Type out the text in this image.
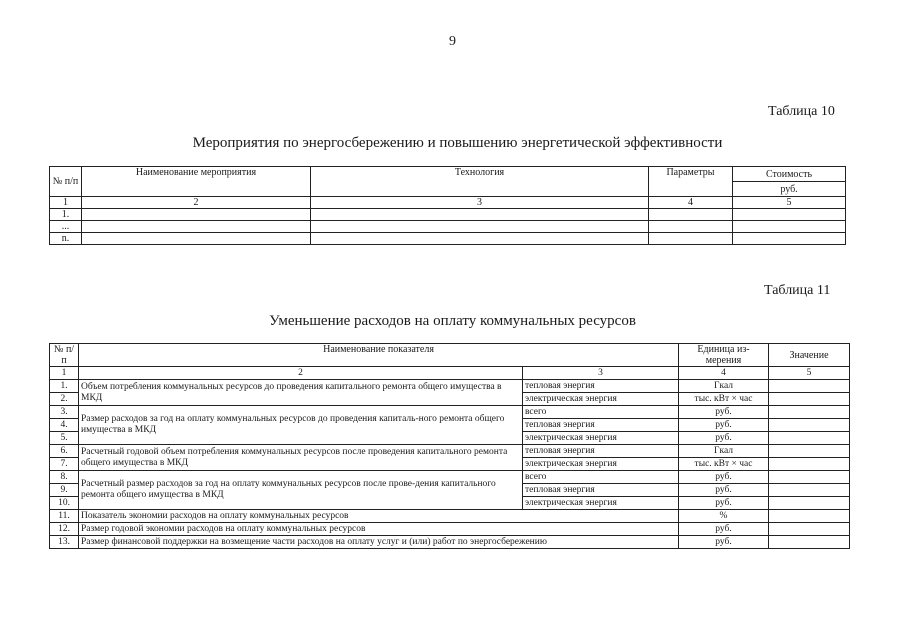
9
Таблица 10
Мероприятия по энергосбережению и повышению энергетической эффективности
№ п/п	Наименование мероприятия	Технология	Параметры	Стоимость
				руб.
1	2	3	4	5
1.				
...				
n.				
Таблица 11
Уменьшение расходов на оплату коммунальных ресурсов
№ п/п	Наименование показателя		Единица из-мерения	Значение

1	2	3	4	5
1.	Объем потребления коммунальных ресурсов до проведения капитального ремонта общего имущества в МКД	тепловая энергия	Гкал	
2.		электрическая энергия	тыс. кВт × час	
3.	Размер расходов за год на оплату коммунальных ресурсов до проведения капиталь-ного ремонта общего имущества в МКД	всего	руб.	
4.		тепловая энергия	руб.	
5.		электрическая энергия	руб.	
6.	Расчетный годовой объем потребления коммунальных ресурсов после проведения капитального ремонта общего имущества в МКД	тепловая энергия	Гкал	
7.		электрическая энергия	тыс. кВт × час	
8.	Расчетный размер расходов за год на оплату коммунальных ресурсов после прове-дения капитального ремонта общего имущества в МКД	всего	руб.	
9.		тепловая энергия	руб.	
10.		электрическая энергия	руб.	
11.	Показатель экономии расходов на оплату коммунальных ресурсов		%	
12.	Размер годовой экономии расходов на оплату коммунальных ресурсов		руб.	
13.	Размер финансовой поддержки на возмещение части расходов на оплату услуг и (или) работ по энергосбережению		руб.	
